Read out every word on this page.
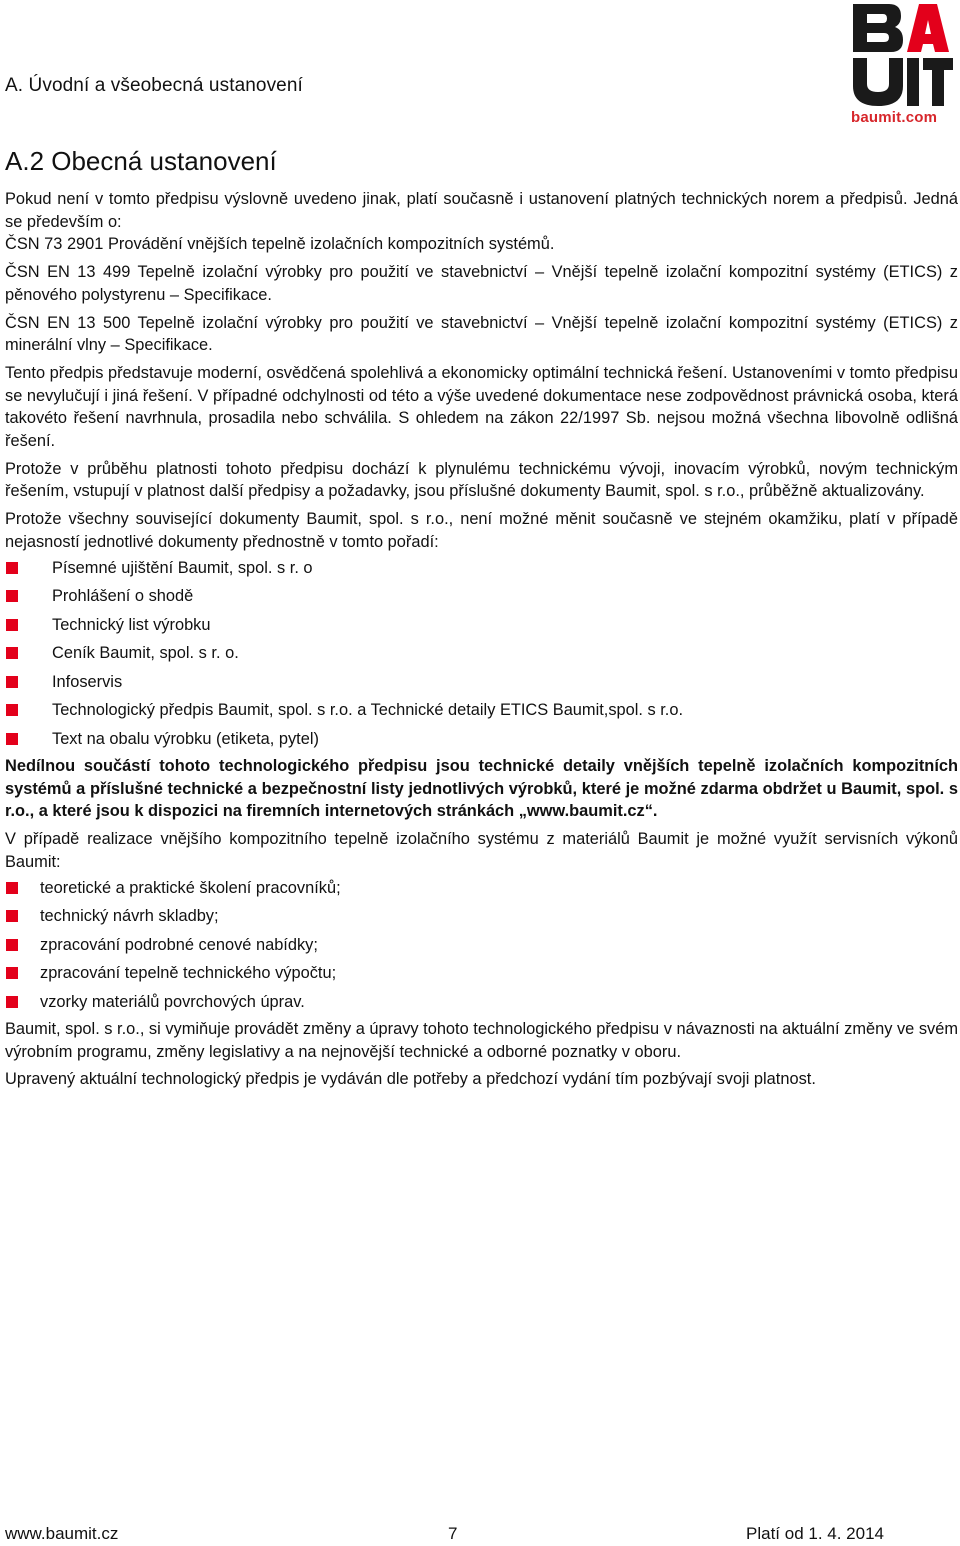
A. Úvodní a všeobecná ustanovení
baumit.com
A.2 Obecná ustanovení

Pokud není v tomto předpisu výslovně uvedeno jinak, platí současně i ustanovení platných technických norem a předpisů. Jedná se především o:

ČSN 73 2901 Provádění vnějších tepelně izolačních kompozitních systémů.

ČSN EN 13 499 Tepelně izolační výrobky pro použití ve stavebnictví – Vnější tepelně izolační kompozitní systémy (ETICS) z pěnového polystyrenu – Specifikace.

ČSN EN 13 500 Tepelně izolační výrobky pro použití ve stavebnictví – Vnější tepelně izolační kompozitní systémy (ETICS) z minerální vlny – Specifikace.

Tento předpis představuje moderní, osvědčená spolehlivá a ekonomicky optimální technická řešení. Ustanoveními v tomto předpisu se nevylučují i jiná řešení. V případné odchylnosti od této a výše uvedené dokumentace nese zodpovědnost právnická osoba, která takovéto řešení navrhnula, prosadila nebo schválila. S ohledem na zákon 22/1997 Sb. nejsou možná všechna libovolně odlišná řešení.

Protože v průběhu platnosti tohoto předpisu dochází k plynulému technickému vývoji, inovacím výrobků, novým technickým řešením, vstupují v platnost další předpisy a požadavky, jsou příslušné dokumenty Baumit, spol. s r.o., průběžně aktualizovány.

Protože všechny související dokumenty Baumit, spol. s r.o., není možné měnit současně ve stejném okamžiku, platí v případě nejasností jednotlivé dokumenty přednostně v tomto pořadí:

Písemné ujištění Baumit, spol. s r. o
Prohlášení o shodě
Technický list výrobku
Ceník Baumit, spol. s r. o.
Infoservis
Technologický předpis Baumit, spol. s r.o. a Technické detaily ETICS Baumit,spol. s r.o.
Text na obalu výrobku (etiketa, pytel)

Nedílnou součástí tohoto technologického předpisu jsou technické detaily vnějších tepelně izolačních kompozitních systémů a příslušné technické a bezpečnostní listy jednotlivých výrobků, které je možné zdarma obdržet u Baumit, spol. s r.o., a které jsou k dispozici na firemních internetových stránkách „www.baumit.cz“.

V případě realizace vnějšího kompozitního tepelně izolačního systému z materiálů Baumit je možné využít servisních výkonů Baumit:

teoretické a praktické školení pracovníků;
technický návrh skladby;
zpracování podrobné cenové nabídky;
zpracování tepelně technického výpočtu;
vzorky materiálů povrchových úprav.

Baumit, spol. s r.o., si vymiňuje provádět změny a úpravy tohoto technologického předpisu v návaznosti na aktuální změny ve svém výrobním programu, změny legislativy a na nejnovější technické a odborné poznatky v oboru.

Upravený aktuální technologický předpis je vydáván dle potřeby a předchozí vydání tím pozbývají svoji platnost.

www.baumit.cz	7	Platí od 1. 4. 2014
